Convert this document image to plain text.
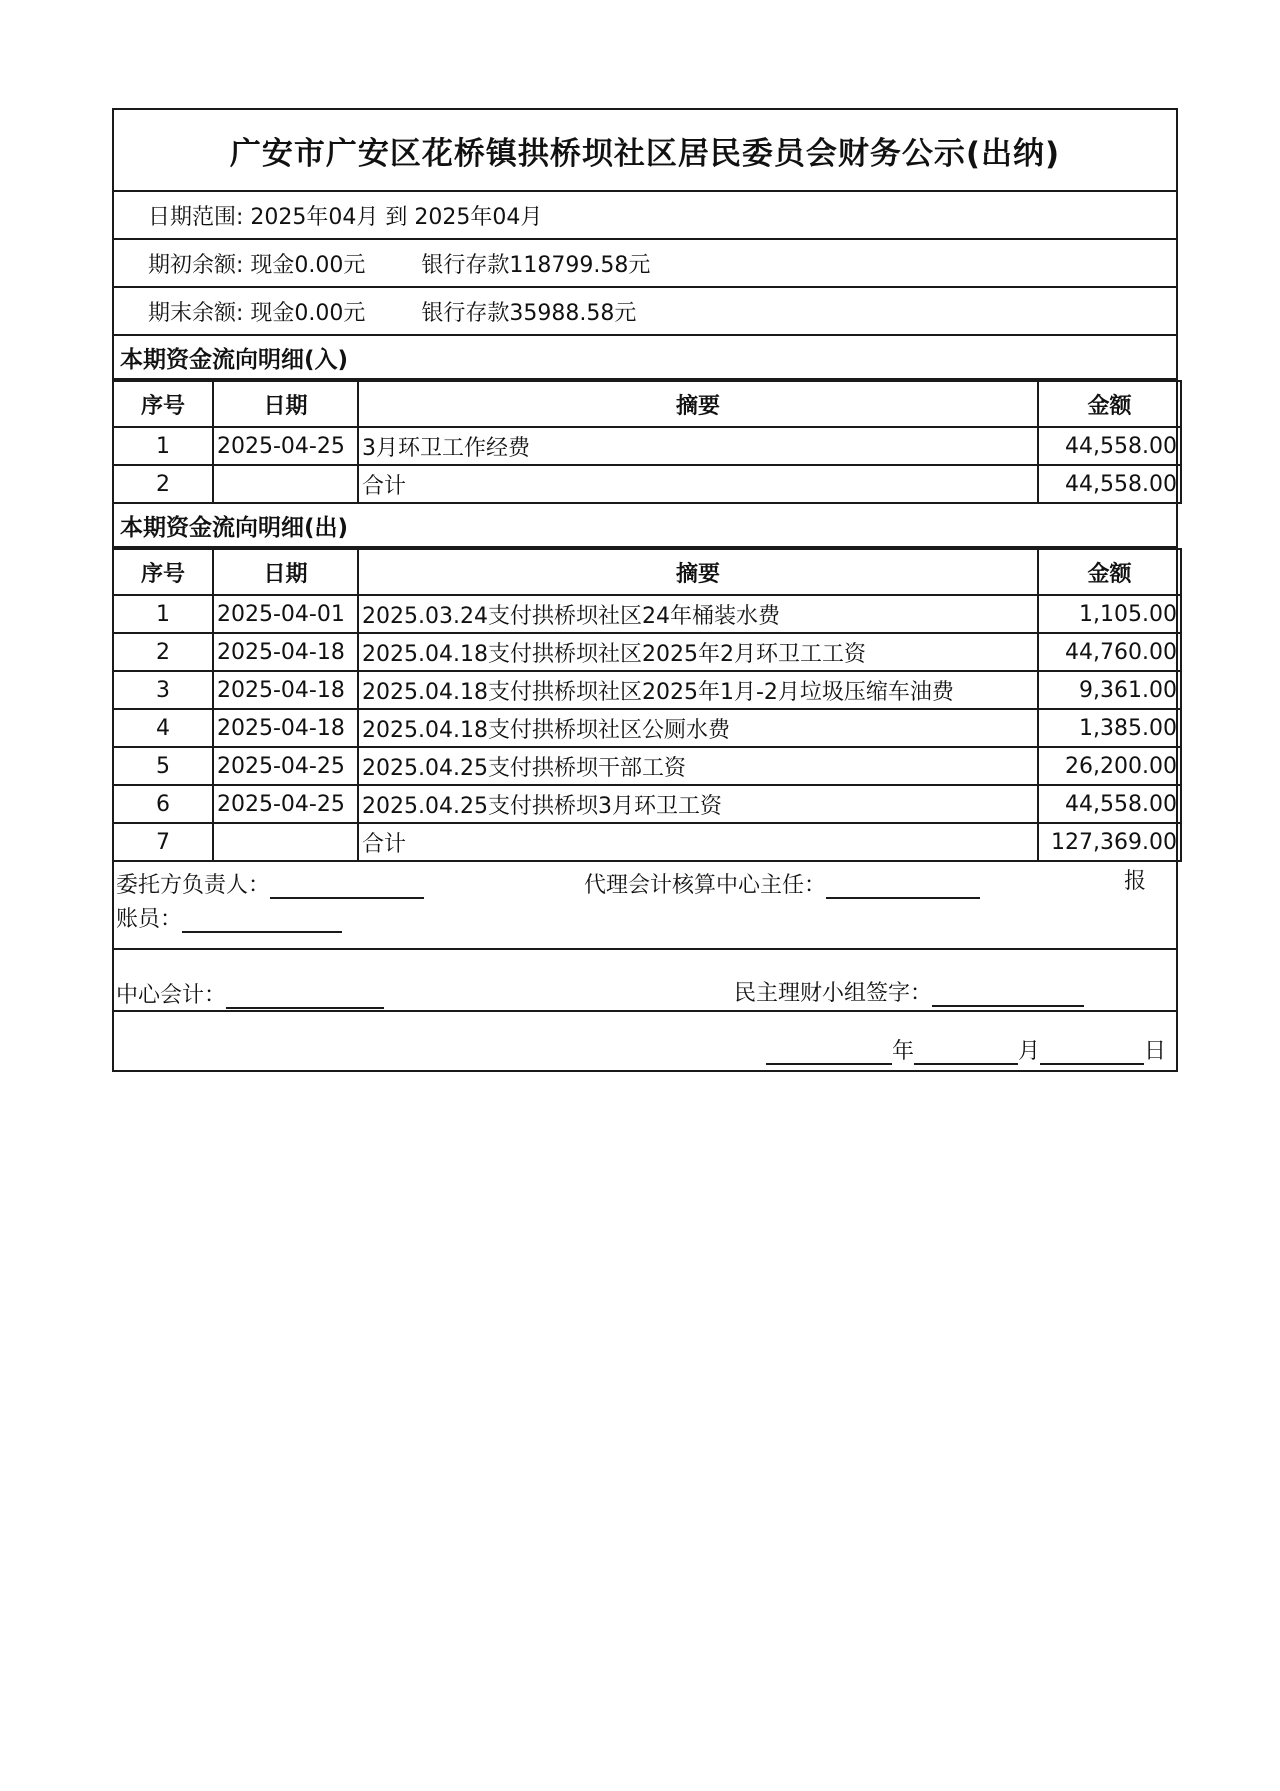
广安市广安区花桥镇拱桥坝社区居民委员会财务公示(出纳)
日期范围: 2025年04月 到 2025年04月
期初余额: 现金0.00元	银行存款118799.58元
期末余额: 现金0.00元	银行存款35988.58元
本期资金流向明细(入)
序号	日期	摘要	金额
1	2025-04-25	3月环卫工作经费	44,558.00
2		合计	44,558.00
本期资金流向明细(出)
序号	日期	摘要	金额
1	2025-04-01	2025.03.24支付拱桥坝社区24年桶装水费	1,105.00
2	2025-04-18	2025.04.18支付拱桥坝社区2025年2月环卫工工资	44,760.00
3	2025-04-18	2025.04.18支付拱桥坝社区2025年1月-2月垃圾压缩车油费	9,361.00
4	2025-04-18	2025.04.18支付拱桥坝社区公厕水费	1,385.00
5	2025-04-25	2025.04.25支付拱桥坝干部工资	26,200.00
6	2025-04-25	2025.04.25支付拱桥坝3月环卫工资	44,558.00
7		合计	127,369.00
委托方负责人：	代理会计核算中心主任：	报
账员：
中心会计：	民主理财小组签字：
年	月	日
